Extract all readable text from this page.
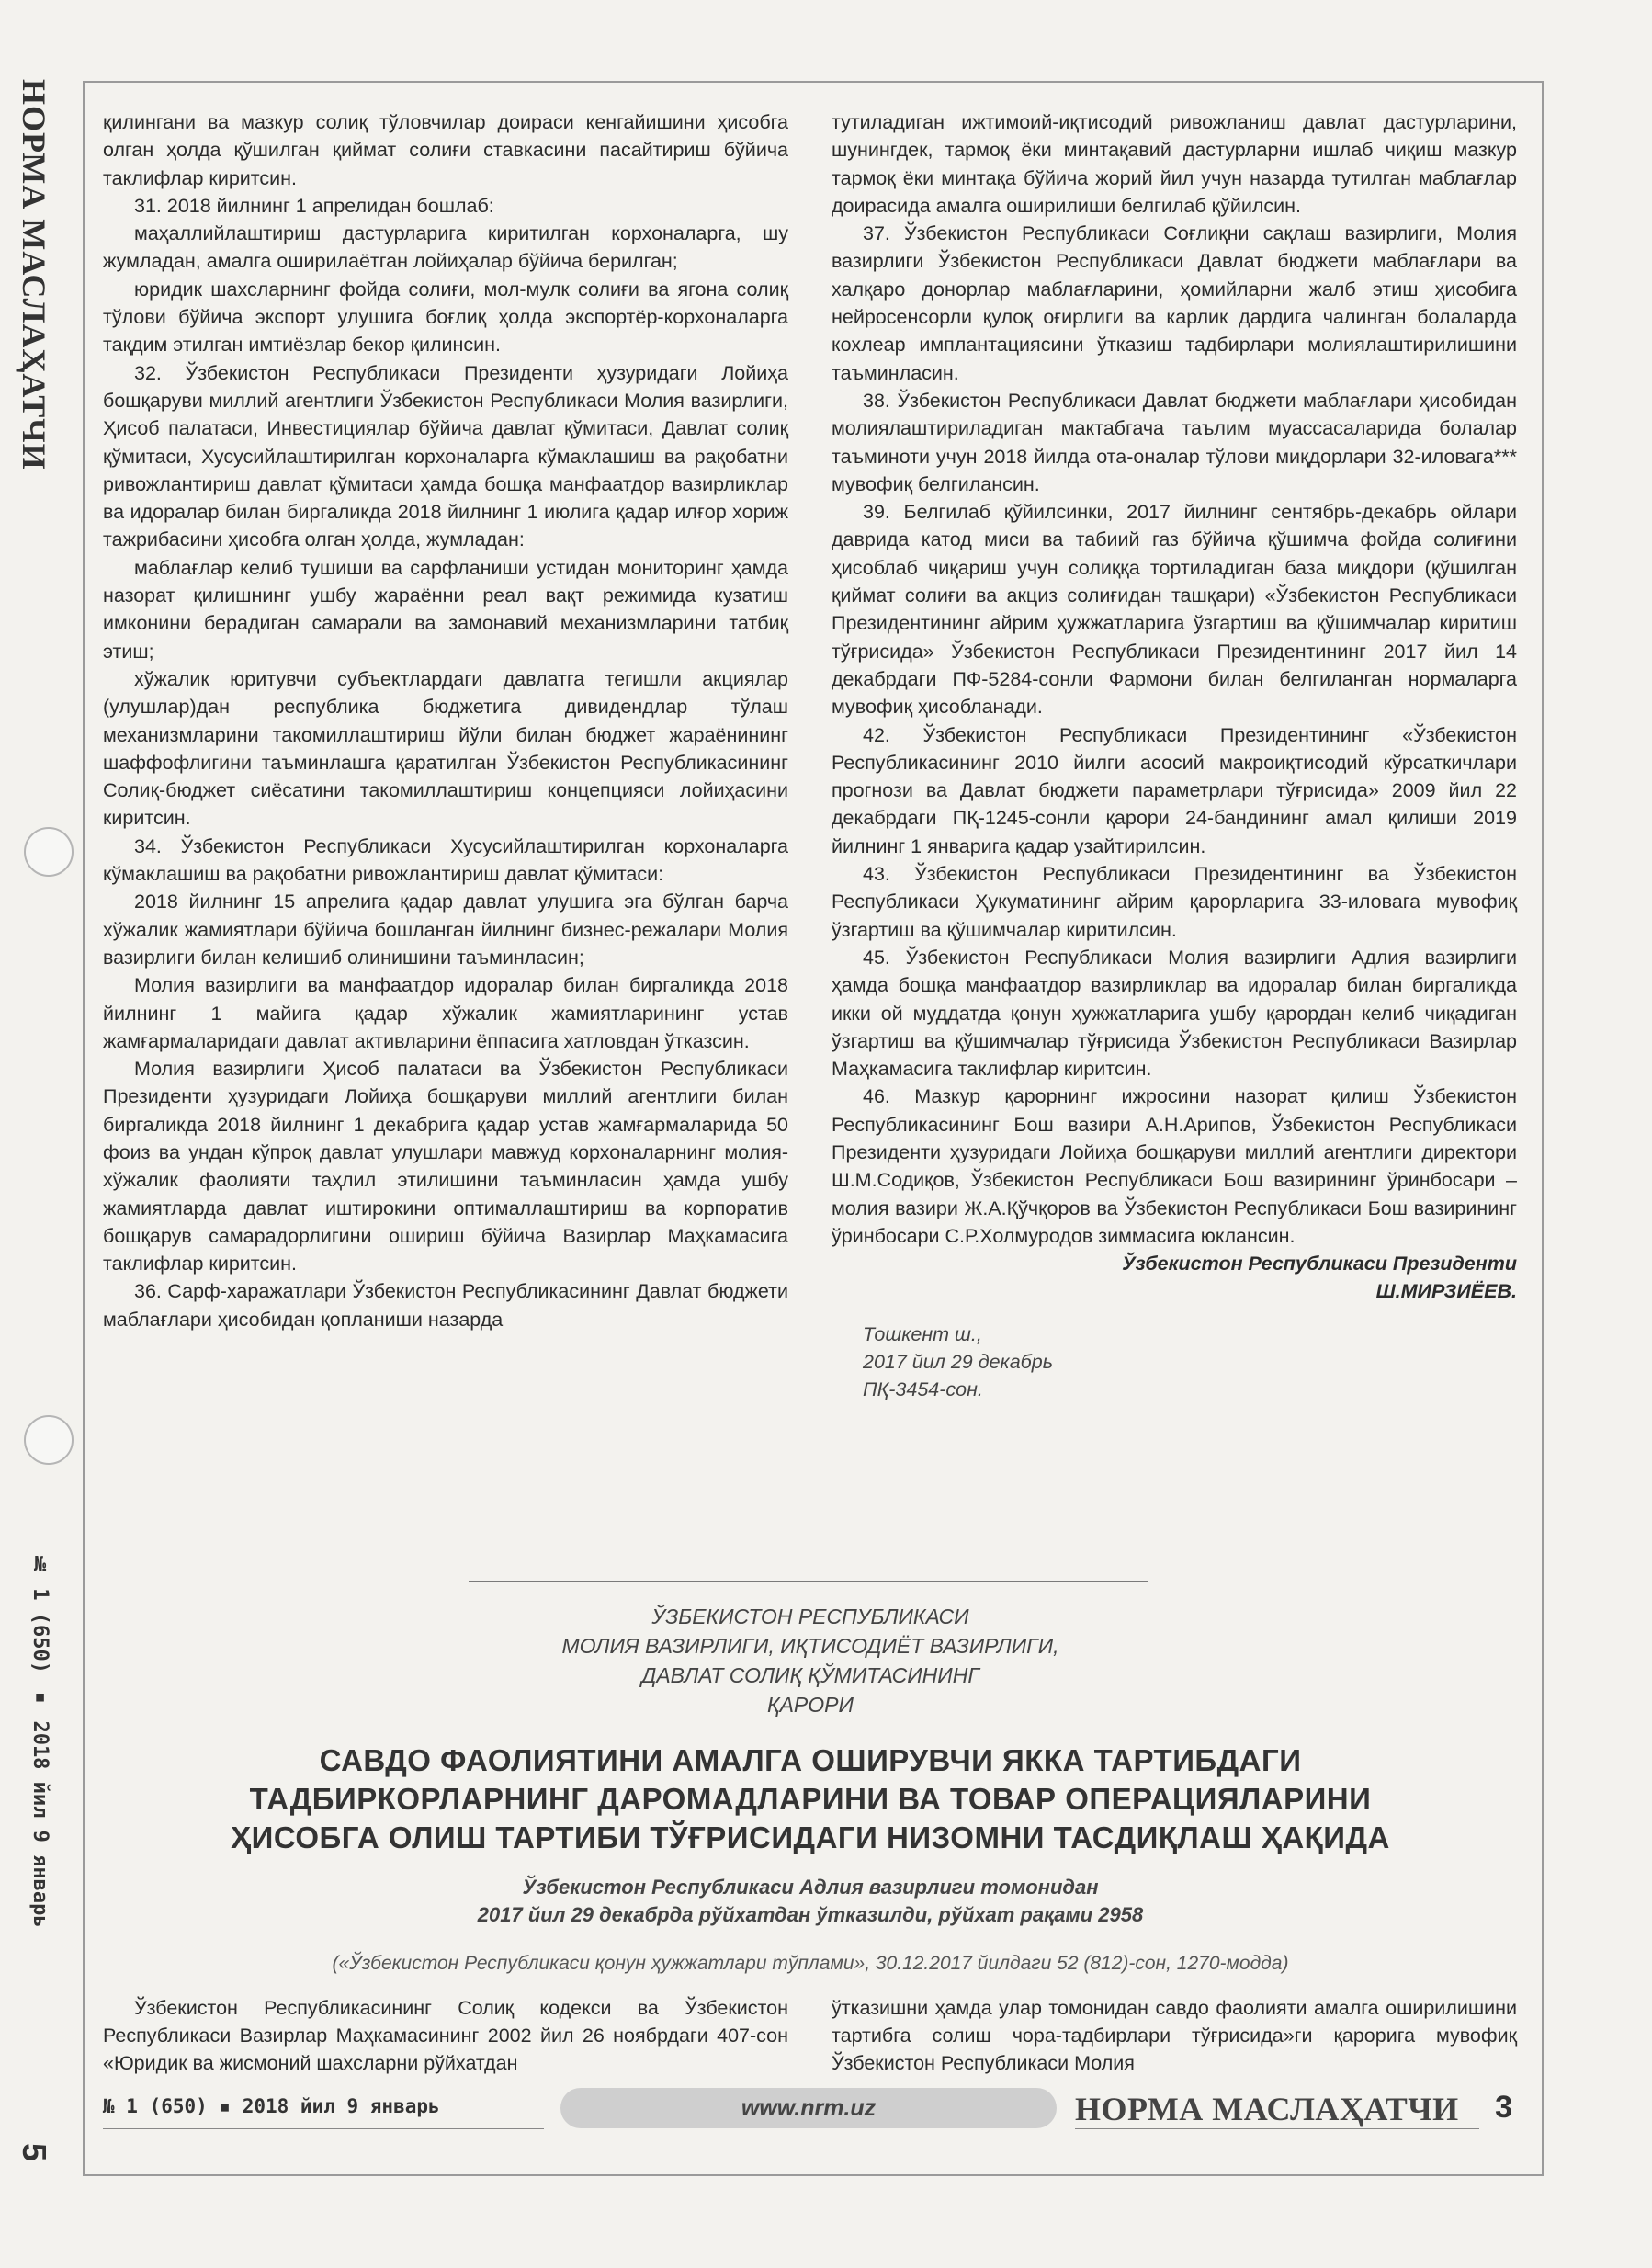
НОРМА МАСЛАҲАТЧИ
№ 1 (650) ▪ 2018 йил 9 январь
5

қилингани ва мазкур солиқ тўловчилар доираси кенгайишини ҳисобга олган ҳолда қўшилган қиймат солиғи ставкасини пасайтириш бўйича таклифлар киритсин.

31. 2018 йилнинг 1 апрелидан бошлаб:

маҳаллийлаштириш дастурларига киритилган корхоналарга, шу жумладан, амалга оширилаётган лойиҳалар бўйича берилган;

юридик шахсларнинг фойда солиғи, мол-мулк солиғи ва ягона солиқ тўлови бўйича экспорт улушига боғлиқ ҳолда экспортёр-корхоналарга тақдим этилган имтиёзлар бекор қилинсин.

32. Ўзбекистон Республикаси Президенти ҳузуридаги Лойиҳа бошқаруви миллий агентлиги Ўзбекистон Республикаси Молия вазирлиги, Ҳисоб палатаси, Инвестициялар бўйича давлат қўмитаси, Давлат солиқ қўмитаси, Хусусийлаштирилган корхоналарга кўмаклашиш ва рақобатни ривожлантириш давлат қўмитаси ҳамда бошқа манфаатдор вазирликлар ва идоралар билан биргаликда 2018 йилнинг 1 июлига қадар илғор хориж тажрибасини ҳисобга олган ҳолда, жумладан:

маблағлар келиб тушиши ва сарфланиши устидан мониторинг ҳамда назорат қилишнинг ушбу жараённи реал вақт режимида кузатиш имконини берадиган самарали ва замонавий механизмларини татбиқ этиш;

хўжалик юритувчи субъектлардаги давлатга тегишли акциялар (улушлар)дан республика бюджетига дивидендлар тўлаш механизмларини такомиллаштириш йўли билан бюджет жараёнининг шаффофлигини таъминлашга қаратилган Ўзбекистон Республикасининг Солиқ-бюджет сиёсатини такомиллаштириш концепцияси лойиҳасини киритсин.

34. Ўзбекистон Республикаси Хусусийлаштирилган корхоналарга кўмаклашиш ва рақобатни ривожлантириш давлат қўмитаси:

2018 йилнинг 15 апрелига қадар давлат улушига эга бўлган барча хўжалик жамиятлари бўйича бошланган йилнинг бизнес-режалари Молия вазирлиги билан келишиб олинишини таъминласин;

Молия вазирлиги ва манфаатдор идоралар билан биргаликда 2018 йилнинг 1 майига қадар хўжалик жамиятларининг устав жамғармаларидаги давлат активларини ёппасига хатловдан ўтказсин.

Молия вазирлиги Ҳисоб палатаси ва Ўзбекистон Республикаси Президенти ҳузуридаги Лойиҳа бошқаруви миллий агентлиги билан биргаликда 2018 йилнинг 1 декабрига қадар устав жамғармаларида 50 фоиз ва ундан кўпроқ давлат улушлари мавжуд корхоналарнинг молия-хўжалик фаолияти таҳлил этилишини таъминласин ҳамда ушбу жамиятларда давлат иштирокини оптималлаштириш ва корпоратив бошқарув самарадорлигини ошириш бўйича Вазирлар Маҳкамасига таклифлар киритсин.

36. Сарф-харажатлари Ўзбекистон Республикасининг Давлат бюджети маблағлари ҳисобидан қопланиши назарда

тутиладиган ижтимоий-иқтисодий ривожланиш давлат дастурларини, шунингдек, тармоқ ёки минтақавий дастурларни ишлаб чиқиш мазкур тармоқ ёки минтақа бўйича жорий йил учун назарда тутилган маблағлар доирасида амалга оширилиши белгилаб қўйилсин.

37. Ўзбекистон Республикаси Соғлиқни сақлаш вазирлиги, Молия вазирлиги Ўзбекистон Республикаси Давлат бюджети маблағлари ва халқаро донорлар маблағларини, ҳомийларни жалб этиш ҳисобига нейросенсорли қулоқ оғирлиги ва карлик дардига чалинган болаларда кохлеар имплантациясини ўтказиш тадбирлари молиялаштирилишини таъминласин.

38. Ўзбекистон Республикаси Давлат бюджети маблағлари ҳисобидан молиялаштириладиган мактабгача таълим муассасаларида болалар таъминоти учун 2018 йилда ота-оналар тўлови миқдорлари 32-иловага*** мувофиқ белгилансин.

39. Белгилаб қўйилсинки, 2017 йилнинг сентябрь-декабрь ойлари даврида катод миси ва табиий газ бўйича қўшимча фойда солиғини ҳисоблаб чиқариш учун солиққа тортиладиган база миқдори (қўшилган қиймат солиғи ва акциз солиғидан ташқари) «Ўзбекистон Республикаси Президентининг айрим ҳужжатларига ўзгартиш ва қўшимчалар киритиш тўғрисида» Ўзбекистон Республикаси Президентининг 2017 йил 14 декабрдаги ПФ-5284-сонли Фармони билан белгиланган нормаларга мувофиқ ҳисобланади.

42. Ўзбекистон Республикаси Президентининг «Ўзбекистон Республикасининг 2010 йилги асосий макроиқтисодий кўрсаткичлари прогнози ва Давлат бюджети параметрлари тўғрисида» 2009 йил 22 декабрдаги ПҚ-1245-сонли қарори 24-бандининг амал қилиши 2019 йилнинг 1 январига қадар узайтирилсин.

43. Ўзбекистон Республикаси Президентининг ва Ўзбекистон Республикаси Ҳукуматининг айрим қарорларига 33-иловага мувофиқ ўзгартиш ва қўшимчалар киритилсин.

45. Ўзбекистон Республикаси Молия вазирлиги Адлия вазирлиги ҳамда бошқа манфаатдор вазирликлар ва идоралар билан биргаликда икки ой муддатда қонун ҳужжатларига ушбу қарордан келиб чиқадиган ўзгартиш ва қўшимчалар тўғрисида Ўзбекистон Республикаси Вазирлар Маҳкамасига таклифлар киритсин.

46. Мазкур қарорнинг ижросини назорат қилиш Ўзбекистон Республикасининг Бош вазири А.Н.Арипов, Ўзбекистон Республикаси Президенти ҳузуридаги Лойиҳа бошқаруви миллий агентлиги директори Ш.М.Содиқов, Ўзбекистон Республикаси Бош вазирининг ўринбосари – молия вазири Ж.А.Қўчқоров ва Ўзбекистон Республикаси Бош вазирининг ўринбосари С.Р.Холмуродов зиммасига юклансин.

Ўзбекистон Республикаси Президенти

Ш.МИРЗИЁЕВ.

Тошкент ш.,

2017 йил 29 декабрь

ПҚ-3454-сон.

ЎЗБЕКИСТОН РЕСПУБЛИКАСИ
МОЛИЯ ВАЗИРЛИГИ, ИҚТИСОДИЁТ ВАЗИРЛИГИ,
ДАВЛАТ СОЛИҚ ҚЎМИТАСИНИНГ
ҚАРОРИ
САВДО ФАОЛИЯТИНИ АМАЛГА ОШИРУВЧИ ЯККА ТАРТИБДАГИ
ТАДБИРКОРЛАРНИНГ ДАРОМАДЛАРИНИ ВА ТОВАР ОПЕРАЦИЯЛАРИНИ
ҲИСОБГА ОЛИШ ТАРТИБИ ТЎҒРИСИДАГИ НИЗОМНИ ТАСДИҚЛАШ ҲАҚИДА
Ўзбекистон Республикаси Адлия вазирлиги томонидан
2017 йил 29 декабрда рўйхатдан ўтказилди, рўйхат рақами 2958
(«Ўзбекистон Республикаси қонун ҳужжатлари тўплами», 30.12.2017 йилдаги 52 (812)-сон, 1270-модда)

Ўзбекистон Республикасининг Солиқ кодекси ва Ўзбекистон Республикаси Вазирлар Маҳкамасининг 2002 йил 26 ноябрдаги 407-сон «Юридик ва жисмоний шахсларни рўйхатдан

ўтказишни ҳамда улар томонидан савдо фаолияти амалга оширилишини тартибга солиш чора-тадбирлари тўғрисида»ги қарорига мувофиқ Ўзбекистон Республикаси Молия

№ 1 (650) ▪ 2018 йил 9 январь	www.nrm.uz	НОРМА МАСЛАҲАТЧИ 3
